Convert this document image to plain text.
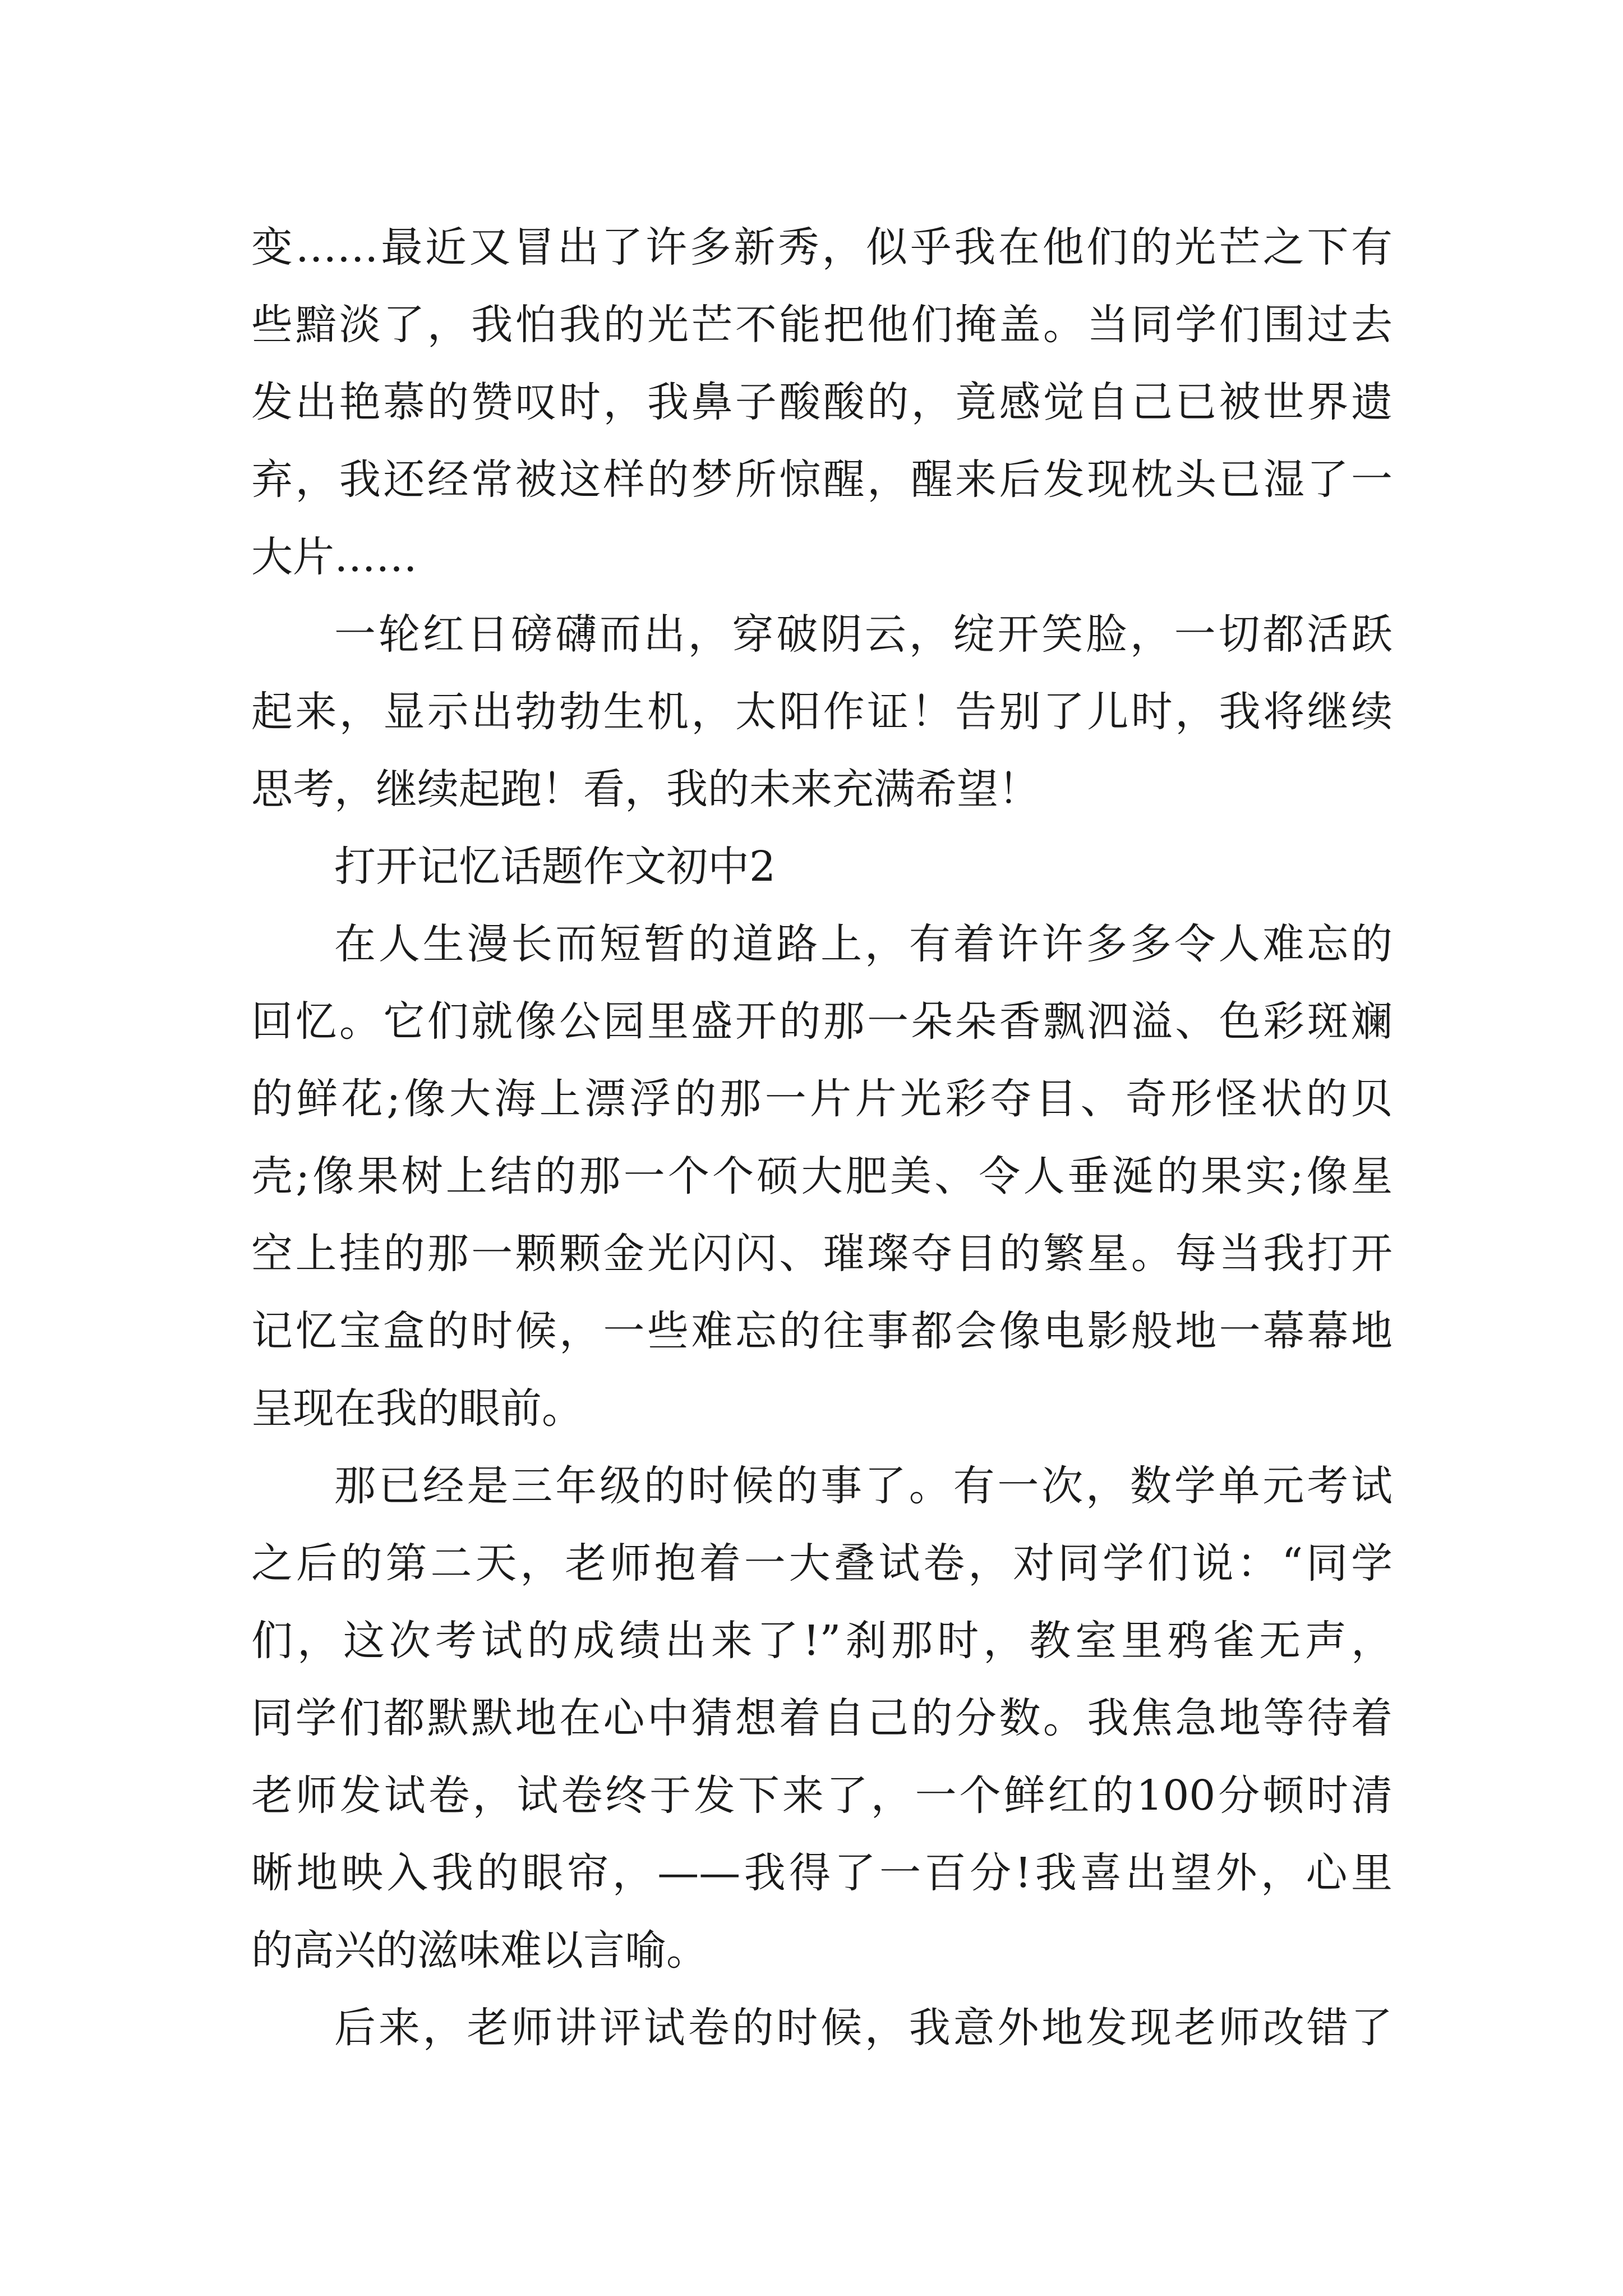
变……最近又冒出了许多新秀，似乎我在他们的光芒之下有
些黯淡了，我怕我的光芒不能把他们掩盖。当同学们围过去
发出艳慕的赞叹时，我鼻子酸酸的，竟感觉自己已被世界遗
弃，我还经常被这样的梦所惊醒，醒来后发现枕头已湿了一
大片……
一轮红日磅礴而出，穿破阴云，绽开笑脸，一切都活跃
起来，显示出勃勃生机，太阳作证！告别了儿时，我将继续
思考，继续起跑！看，我的未来充满希望！
打开记忆话题作文初中2
在人生漫长而短暂的道路上，有着许许多多令人难忘的
回忆。它们就像公园里盛开的那一朵朵香飘泗溢、色彩斑斓
的鲜花;像大海上漂浮的那一片片光彩夺目、奇形怪状的贝
壳;像果树上结的那一个个硕大肥美、令人垂涎的果实;像星
空上挂的那一颗颗金光闪闪、璀璨夺目的繁星。每当我打开
记忆宝盒的时候，一些难忘的往事都会像电影般地一幕幕地
呈现在我的眼前。
那已经是三年级的时候的事了。有一次，数学单元考试
之后的第二天，老师抱着一大叠试卷，对同学们说：“同学
们，这次考试的成绩出来了!”刹那时，教室里鸦雀无声，
同学们都默默地在心中猜想着自己的分数。我焦急地等待着
老师发试卷，试卷终于发下来了，一个鲜红的100分顿时清
晰地映入我的眼帘，——我得了一百分!我喜出望外，心里
的高兴的滋味难以言喻。
后来，老师讲评试卷的时候，我意外地发现老师改错了
